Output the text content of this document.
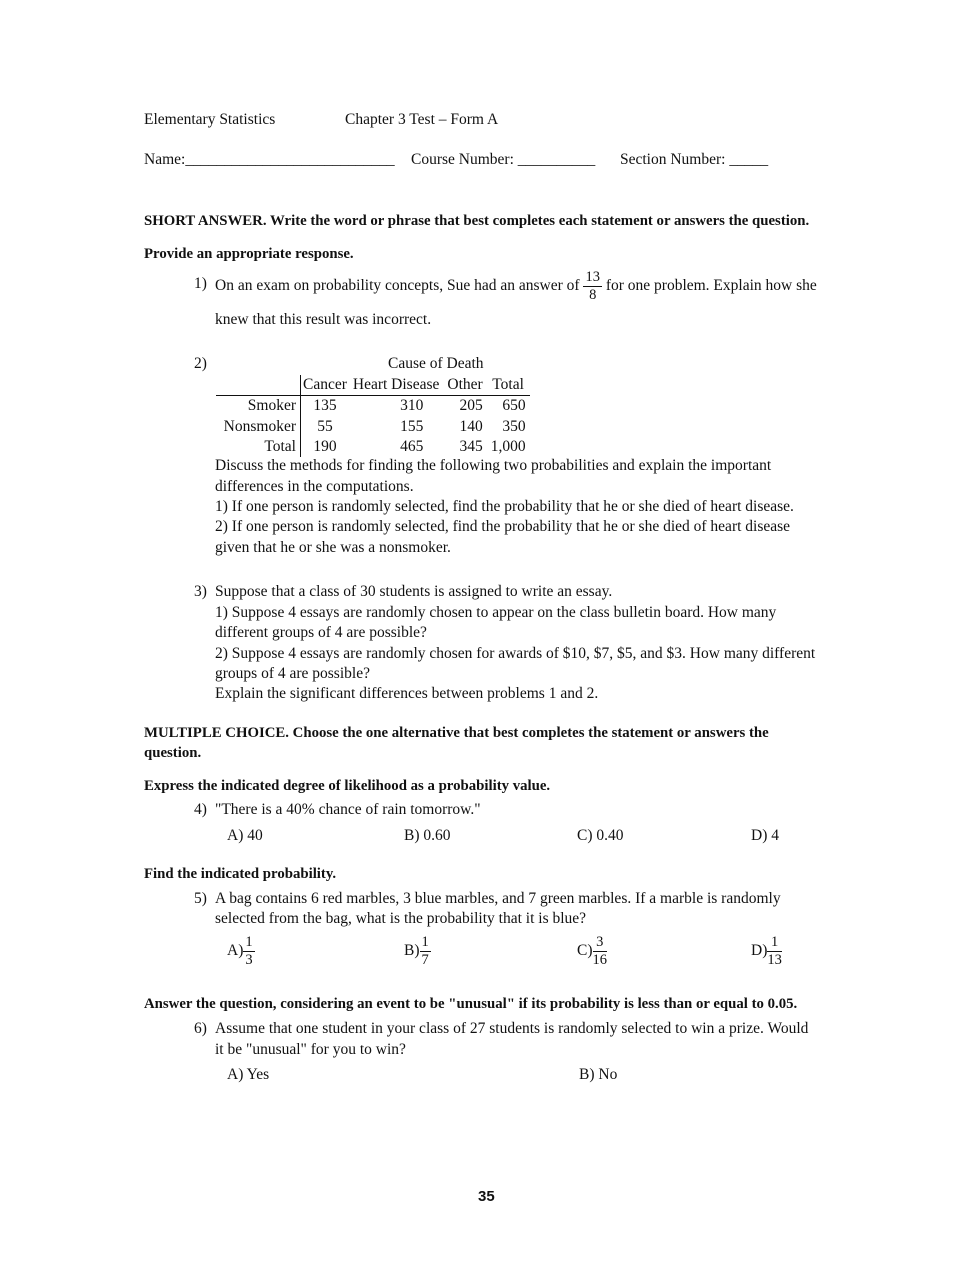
Elementary Statistics	Chapter 3 Test – Form A
Name:___________________________ Course Number: __________ Section Number: _____
SHORT ANSWER. Write the word or phrase that best completes each statement or answers the question.
Provide an appropriate response.
1) On an exam on probability concepts, Sue had an answer of $\frac{13}{8}$ for one problem. Explain how she
knew that this result was incorrect.
2)	Cause of Death
	Cancer	Heart Disease	Other	Total
Smoker	135	310	205	650
Nonsmoker	55	155	140	350
Total	190	465	345	1,000
Discuss the methods for finding the following two probabilities and explain the important
differences in the computations.
1) If one person is randomly selected, find the probability that he or she died of heart disease.
2) If one person is randomly selected, find the probability that he or she died of heart disease
given that he or she was a nonsmoker.
3) Suppose that a class of 30 students is assigned to write an essay.
1) Suppose 4 essays are randomly chosen to appear on the class bulletin board. How many
different groups of 4 are possible?
2) Suppose 4 essays are randomly chosen for awards of $10, $7, $5, and $3. How many different
groups of 4 are possible?
Explain the significant differences between problems 1 and 2.
MULTIPLE CHOICE. Choose the one alternative that best completes the statement or answers the
question.
Express the indicated degree of likelihood as a probability value.
4) "There is a 40% chance of rain tomorrow."
A) 40	B) 0.60	C) 0.40	D) 4
Find the indicated probability.
5) A bag contains 6 red marbles, 3 blue marbles, and 7 green marbles. If a marble is randomly
selected from the bag, what is the probability that it is blue?
$A) \frac{1}{3}$	$B) \frac{1}{7}$	$C) \frac{3}{16}$	$D) \frac{1}{13}$
Answer the question, considering an event to be "unusual" if its probability is less than or equal to 0.05.
6) Assume that one student in your class of 27 students is randomly selected to win a prize. Would
it be "unusual" for you to win?
A) Yes	B) No
35
